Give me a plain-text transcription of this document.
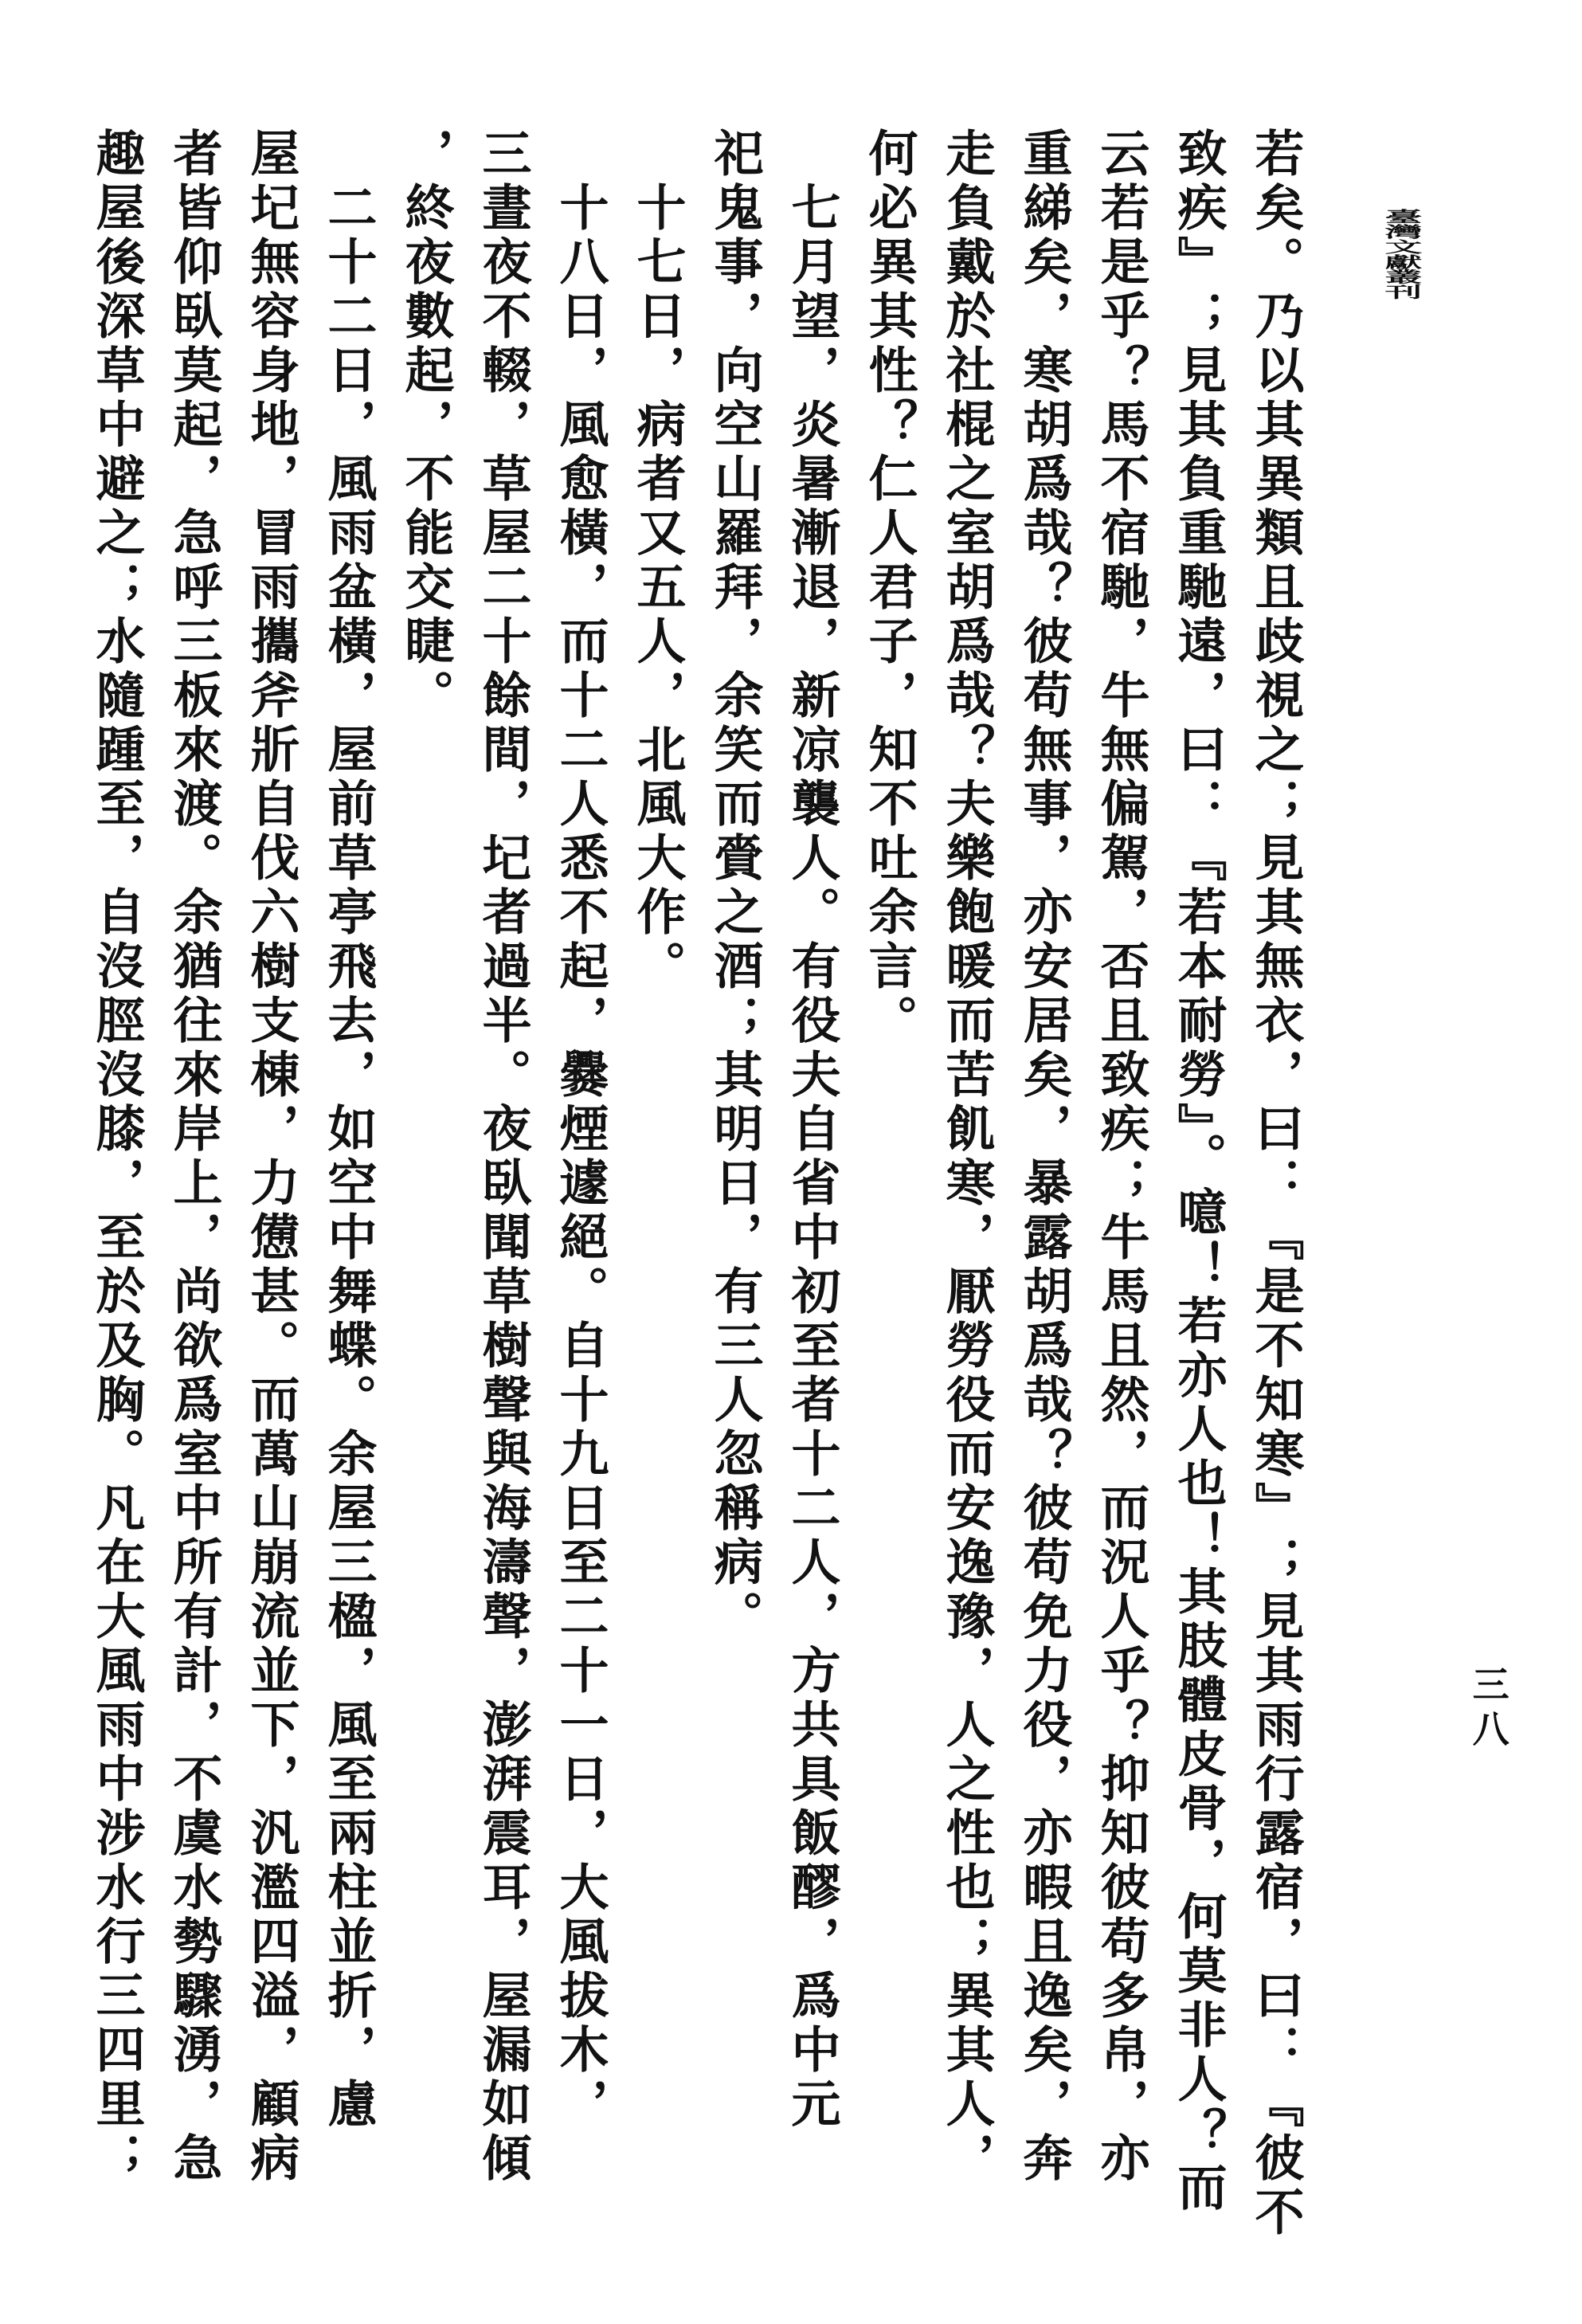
臺灣文獻叢刊
若矣。乃以其異類且歧視之；見其無衣，曰：『是不知寒』；見其雨行露宿，曰：『彼不
致疾』；見其負重馳遠，曰：『若本耐勞』。噫！若亦人也！其肢體皮骨，何莫非人？而
云若是乎？馬不宿馳，牛無偏駕，否且致疾；牛馬且然，而況人乎？抑知彼苟多帛，亦
重綈矣，寒胡爲哉？彼苟無事，亦安居矣，暴露胡爲哉？彼苟免力役，亦暇且逸矣，奔
走負戴於社棍之室胡爲哉？夫樂飽暖而苦飢寒，厭勞役而安逸豫，人之性也；異其人，
何必異其性？仁人君子，知不吐余言。
　七月望，炎暑漸退，新凉襲人。有役夫自省中初至者十二人，方共具飯醪，爲中元
祀鬼事，向空山羅拜，余笑而賫之酒；其明日，有三人忽稱病。
　十七日，病者又五人，北風大作。
　十八日，風愈橫，而十二人悉不起，爨煙遽絕。自十九日至二十一日，大風拔木，
三晝夜不輟，草屋二十餘間，圮者過半。夜臥聞草樹聲與海濤聲，澎湃震耳，屋漏如傾
，終夜數起，不能交睫。
　二十二日，風雨盆橫，屋前草亭飛去，如空中舞蝶。余屋三楹，風至兩柱並折，慮
屋圮無容身地，冒雨攜斧斨自伐六樹支棟，力憊甚。而萬山崩流並下，汎濫四溢，顧病
者皆仰臥莫起，急呼三板來渡。余猶往來岸上，尚欲爲室中所有計，不虞水勢驟湧，急
趣屋後深草中避之；水隨踵至，自沒脛沒膝，至於及胸。凡在大風雨中涉水行三四里；	三八
